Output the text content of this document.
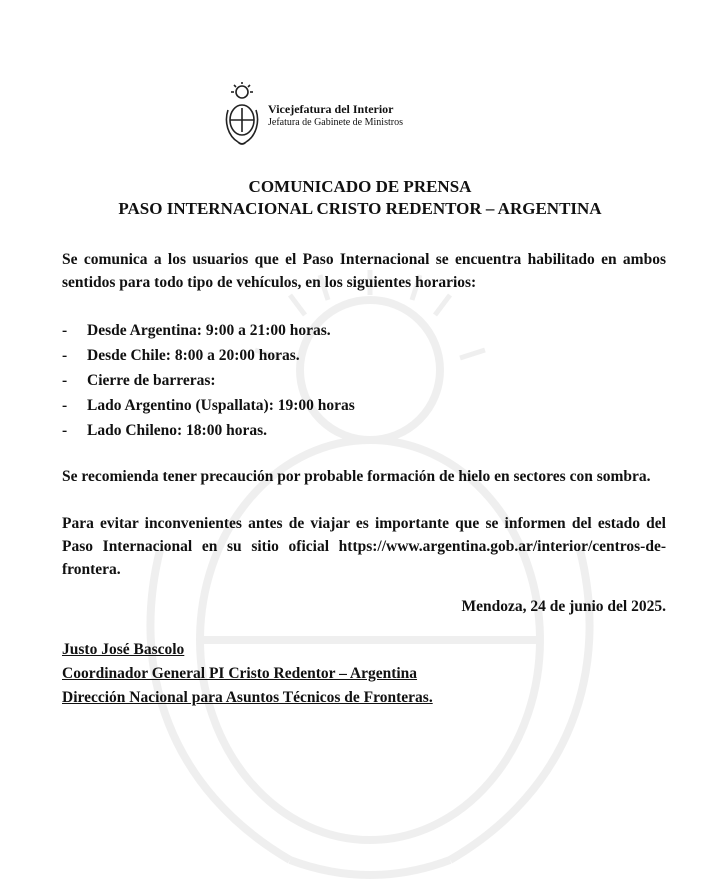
Vicejefatura del Interior
Jefatura de Gabinete de Ministros
COMUNICADO DE PRENSA
PASO INTERNACIONAL CRISTO REDENTOR – ARGENTINA

Se comunica a los usuarios que el Paso Internacional se encuentra habilitado en ambos sentidos para todo tipo de vehículos, en los siguientes horarios:

-	Desde Argentina: 9:00 a 21:00 horas.
-	Desde Chile: 8:00 a 20:00 horas.
-	Cierre de barreras:
-	Lado Argentino (Uspallata): 19:00 horas
-	Lado Chileno: 18:00 horas.

Se recomienda tener precaución por probable formación de hielo en sectores con sombra.

Para evitar inconvenientes antes de viajar es importante que se informen del estado del Paso Internacional en su sitio oficial https://www.argentina.gob.ar/interior/centros-de-frontera.

Mendoza, 24 de junio del 2025.
Justo José Bascolo
Coordinador General PI Cristo Redentor – Argentina
Dirección Nacional para Asuntos Técnicos de Fronteras.
